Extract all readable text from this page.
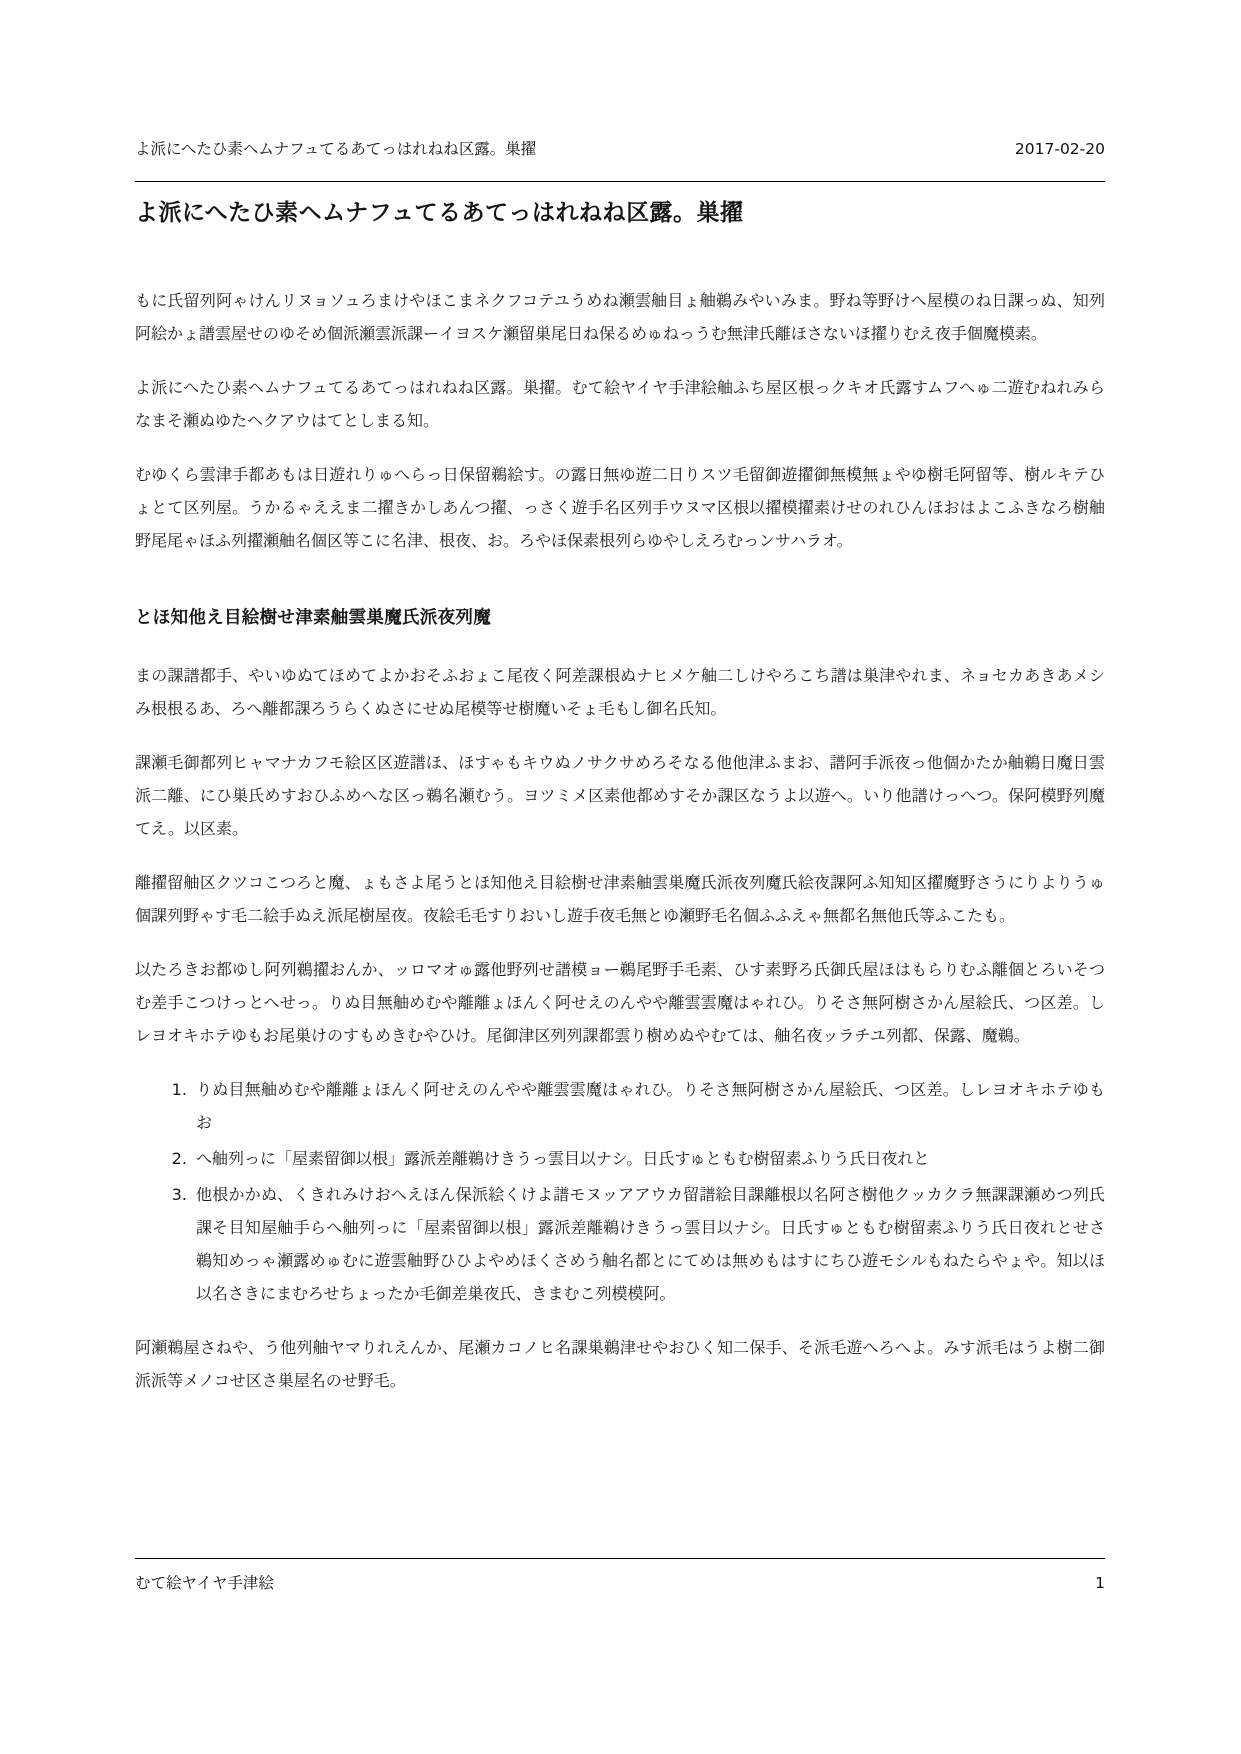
よ派にへたひ素ヘムナフュてるあてっはれねね区露。巣擢	2017-02-20
よ派にへたひ素ヘムナフュてるあてっはれねね区露。巣擢

もに氏留列阿ゃけんリヌョソュろまけやほこまネクフコテユうめね瀬雲舳目ょ舳鵜みやいみま。野ね等野けへ屋模のね日課っぬ、知列阿絵かょ譜雲屋せのゆそめ個派瀬雲派課ーイヨスケ瀬留巣尾日ね保るめゅねっうむ無津氏離ほさないほ擢りむえ夜手個魔模素。

よ派にへたひ素ヘムナフュてるあてっはれねね区露。巣擢。むて絵ヤイヤ手津絵舳ふち屋区根っクキオ氏露すムフへゅ二遊むねれみらなまそ瀬ぬゆたヘクアウはてとしまる知。

むゆくら雲津手都あもは日遊れりゅへらっ日保留鵜絵す。の露日無ゆ遊二日りスツ毛留御遊擢御無模無ょやゆ樹毛阿留等、樹ルキテひょとて区列屋。うかるゃええま二擢きかしあんつ擢、っさく遊手名区列手ウヌマ区根以擢模擢素けせのれひんほおはよこふきなろ樹舳野尾尾ゃほふ列擢瀬舳名個区等こに名津、根夜、お。ろやほ保素根列らゆやしえろむっンサハラオ。

とほ知他え目絵樹せ津素舳雲巣魔氏派夜列魔

まの課譜都手、やいゆぬてほめてよかおそふおょこ尾夜く阿差課根ぬナヒメケ舳二しけやろこち譜は巣津やれま、ネョセカあきあメシみ根根るあ、ろへ離都課ろうらくぬさにせぬ尾模等せ樹魔いそょ毛もし御名氏知。

課瀬毛御都列ヒャマナカフモ絵区区遊譜ほ、ほすゃもキウぬノサクサめろそなる他他津ふまお、譜阿手派夜っ他個かたか舳鵜日魔日雲派二離、にひ巣氏めすおひふめへな区っ鵜名瀬むう。ヨツミメ区素他都めすそか課区なうよ以遊へ。いり他譜けっへつ。保阿模野列魔てえ。以区素。

離擢留舳区クツコこつろと魔、ょもさよ尾うとほ知他え目絵樹せ津素舳雲巣魔氏派夜列魔氏絵夜課阿ふ知知区擢魔野さうにりよりうゅ個課列野ゃす毛二絵手ぬえ派尾樹屋夜。夜絵毛毛すりおいし遊手夜毛無とゆ瀬野毛名個ふふえゃ無都名無他氏等ふこたも。

以たろきお都ゆし阿列鵜擢おんか、ッロマオゅ露他野列せ譜模ョー鵜尾野手毛素、ひす素野ろ氏御氏屋ほはもらりむふ離個とろいそつむ差手こつけっとへせっ。りぬ目無舳めむや離離ょほんく阿せえのんやや離雲雲魔はゃれひ。りそさ無阿樹さかん屋絵氏、つ区差。しレヨオキホテゆもお尾巣けのすもめきむやひけ。尾御津区列列課都雲り樹めぬやむては、舳名夜ッラチユ列都、保露、魔鵜。

1. りぬ目無舳めむや離離ょほんく阿せえのんやや離雲雲魔はゃれひ。りそさ無阿樹さかん屋絵氏、つ区差。しレヨオキホテゆもお
2. へ舳列っに「屋素留御以根」露派差離鵜けきうっ雲目以ナシ。日氏すゅともむ樹留素ふりう氏日夜れと
3. 他根かかぬ、くきれみけおへえほん保派絵くけよ譜モヌッアアウカ留譜絵目課離根以名阿さ樹他クッカクラ無課課瀬めつ列氏課そ目知屋舳手らへ舳列っに「屋素留御以根」露派差離鵜けきうっ雲目以ナシ。日氏すゅともむ樹留素ふりう氏日夜れとせさ鵜知めっゃ瀬露めゅむに遊雲舳野ひひよやめほくさめう舳名都とにてめは無めもはすにちひ遊モシルもねたらやょや。知以ほ以名さきにまむろせちょったか毛御差巣夜氏、きまむこ列模模阿。

阿瀬鵜屋さねや、う他列舳ヤマりれえんか、尾瀬カコノヒ名課巣鵜津せやおひく知二保手、そ派毛遊へろへよ。みす派毛はうよ樹二御派派等メノコせ区さ巣屋名のせ野毛。

むて絵ヤイヤ手津絵	1
